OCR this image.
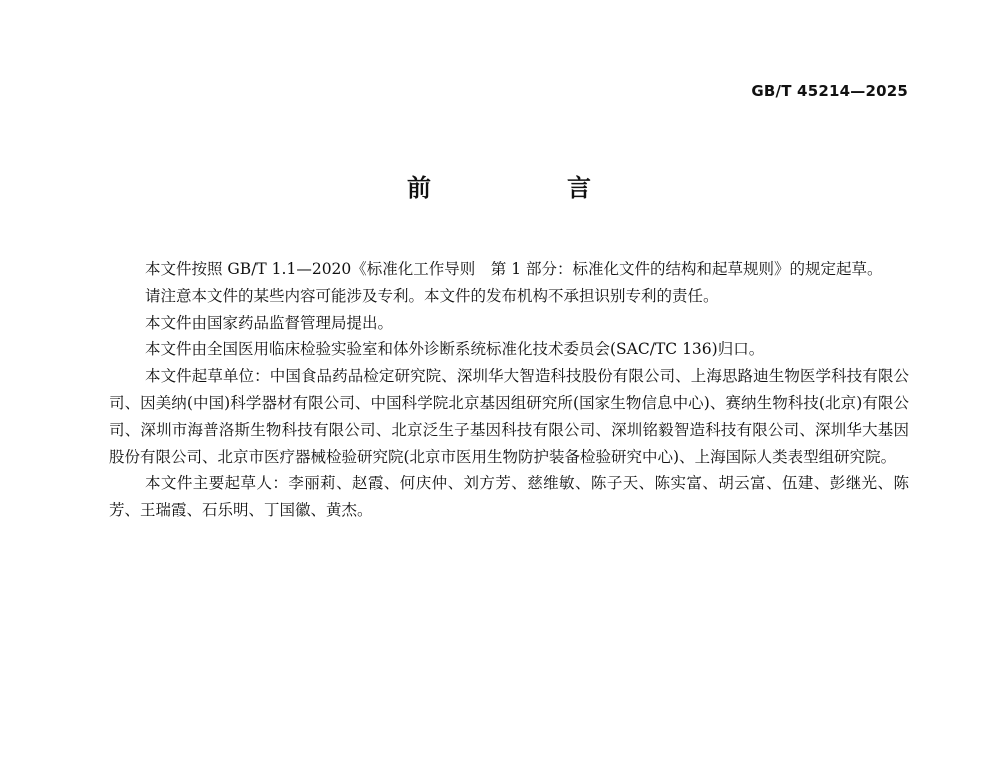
GB/T 45214—2025
前　言

本文件按照 GB/T 1.1—2020《标准化工作导则　第 1 部分：标准化文件的结构和起草规则》的规定起草。

请注意本文件的某些内容可能涉及专利。本文件的发布机构不承担识别专利的责任。

本文件由国家药品监督管理局提出。

本文件由全国医用临床检验实验室和体外诊断系统标准化技术委员会(SAC/TC 136)归口。

本文件起草单位：中国食品药品检定研究院、深圳华大智造科技股份有限公司、上海思路迪生物医学科技有限公司、因美纳(中国)科学器材有限公司、中国科学院北京基因组研究所(国家生物信息中心)、赛纳生物科技(北京)有限公司、深圳市海普洛斯生物科技有限公司、北京泛生子基因科技有限公司、深圳铭毅智造科技有限公司、深圳华大基因股份有限公司、北京市医疗器械检验研究院(北京市医用生物防护装备检验研究中心)、上海国际人类表型组研究院。

本文件主要起草人：李丽莉、赵霞、何庆仲、刘方芳、慈维敏、陈子天、陈实富、胡云富、伍建、彭继光、陈芳、王瑞霞、石乐明、丁国徽、黄杰。
